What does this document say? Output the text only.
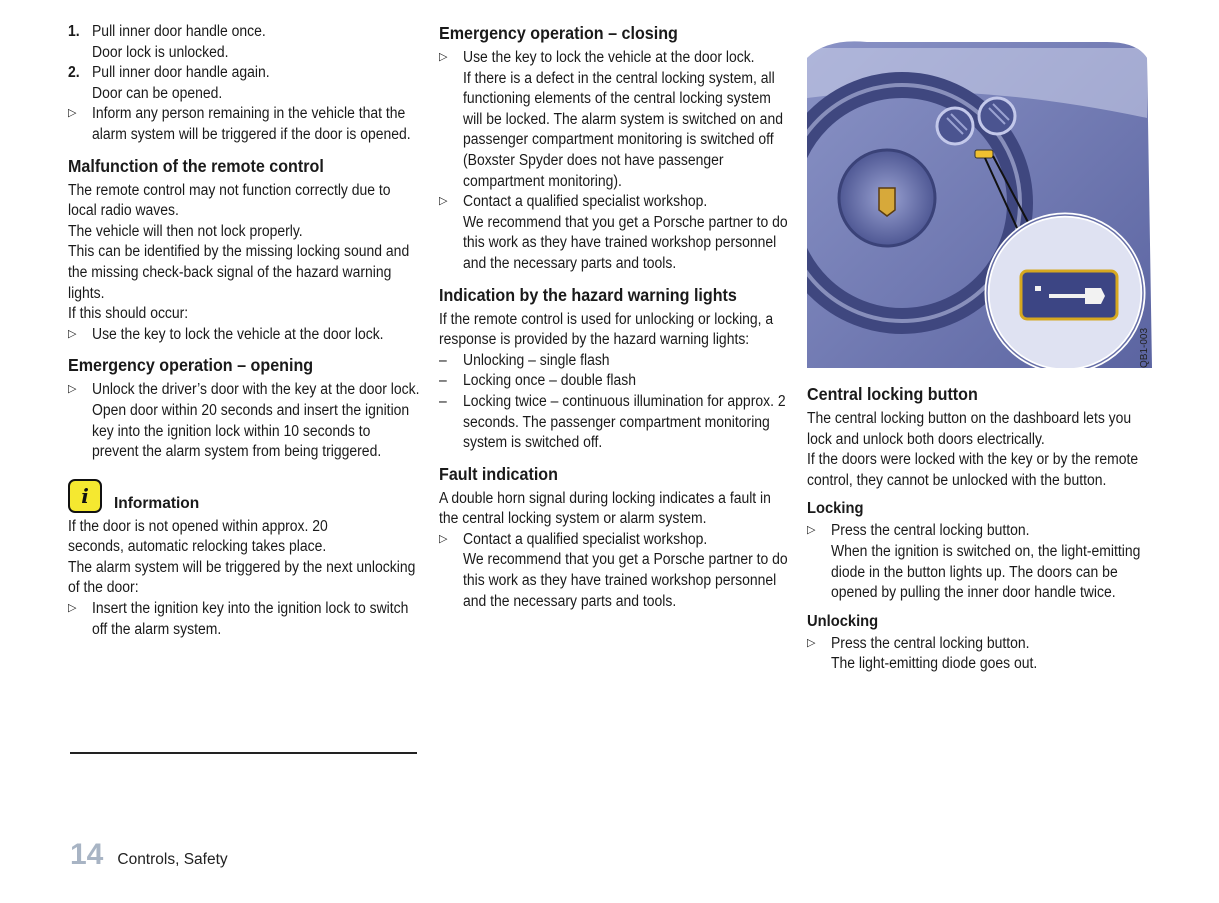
1. Pull inner door handle once.

Door lock is unlocked.

2. Pull inner door handle again.

Door can be opened.

▷ Inform any person remaining in the vehicle that the alarm system will be triggered if the door is opened.

Malfunction of the remote control

The remote control may not function correctly due to local radio waves.

The vehicle will then not lock properly.

This can be identified by the missing locking sound and the missing check-back signal of the hazard warning lights.

If this should occur:

▷ Use the key to lock the vehicle at the door lock.

Emergency operation – opening
▷ Unlock the driver’s door with the key at the door lock.

Open door within 20 seconds and insert the ignition key into the ignition lock within 10 seconds to prevent the alarm system from being triggered.

i	Information

If the door is not opened within approx. 20 seconds, automatic relocking takes place.

The alarm system will be triggered by the next unlocking of the door:

▷ Insert the ignition key into the ignition lock to switch off the alarm system.

Emergency operation – closing
▷ Use the key to lock the vehicle at the door lock.

If there is a defect in the central locking system, all functioning elements of the central locking system will be locked. The alarm system is switched on and passenger compartment monitoring is switched off (Boxster Spyder does not have passenger compartment monitoring).

▷ Contact a qualified specialist workshop.

We recommend that you get a Porsche partner to do this work as they have trained workshop personnel and the necessary parts and tools.

Indication by the hazard warning lights

If the remote control is used for unlocking or locking, a response is provided by the hazard warning lights:

–	Unlocking – single flash

–	Locking once – double flash

–	Locking twice – continuous illumination for approx. 2 seconds. The passenger compartment monitoring system is switched off.

Fault indication

A double horn signal during locking indicates a fault in the central locking system or alarm system.

▷ Contact a qualified specialist workshop.

We recommend that you get a Porsche partner to do this work as they have trained workshop personnel and the necessary parts and tools.

QB1-003
Central locking button

The central locking button on the dashboard lets you lock and unlock both doors electrically.

If the doors were locked with the key or by the remote control, they cannot be unlocked with the button.

Locking
▷ Press the central locking button.

When the ignition is switched on, the light-emitting diode in the button lights up. The doors can be opened by pulling the inner door handle twice.

Unlocking
▷ Press the central locking button.

The light-emitting diode goes out.

14 Controls, Safety
